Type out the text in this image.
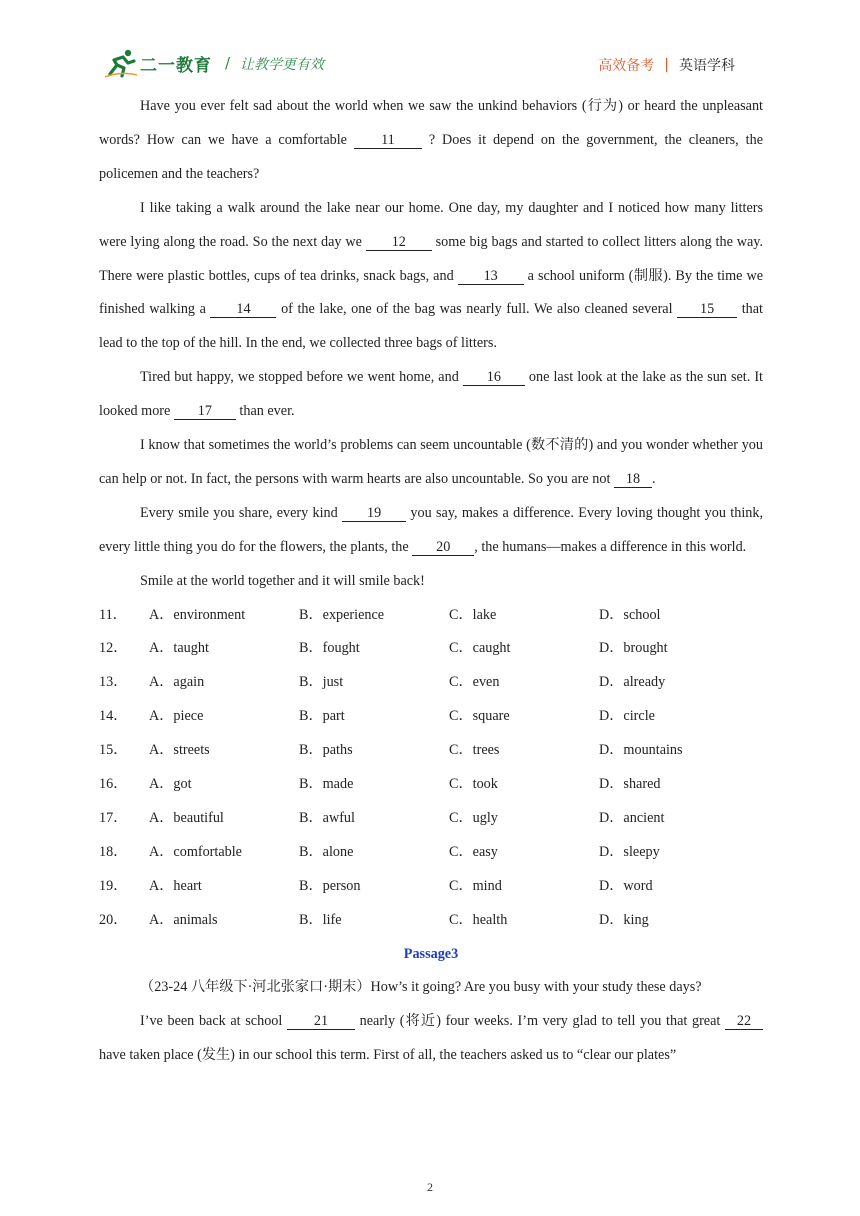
二一教育 / 让教学更有效	高效备考 | 英语学科

Have you ever felt sad about the world when we saw the unkind behaviors (行为) or heard the unpleasant words? How can we have a comfortable 11 ? Does it depend on the government, the cleaners, the policemen and the teachers?

I like taking a walk around the lake near our home. One day, my daughter and I noticed how many litters were lying along the road. So the next day we 12 some big bags and started to collect litters along the way. There were plastic bottles, cups of tea drinks, snack bags, and 13 a school uniform (制服). By the time we finished walking a 14 of the lake, one of the bag was nearly full. We also cleaned several 15 that lead to the top of the hill. In the end, we collected three bags of litters.

Tired but happy, we stopped before we went home, and 16 one last look at the lake as the sun set. It looked more 17 than ever.

I know that sometimes the world’s problems can seem uncountable (数不清的) and you wonder whether you can help or not. In fact, the persons with warm hearts are also uncountable. So you are not 18 .

Every smile you share, every kind 19 you say, makes a difference. Every loving thought you think, every little thing you do for the flowers, the plants, the 20 , the humans—makes a difference in this world.

Smile at the world together and it will smile back!

11．	A．environment	B．experience	C．lake	D．school
12．	A．taught	B．fought	C．caught	D．brought
13．	A．again	B．just	C．even	D．already
14．	A．piece	B．part	C．square	D．circle
15．	A．streets	B．paths	C．trees	D．mountains
16．	A．got	B．made	C．took	D．shared
17．	A．beautiful	B．awful	C．ugly	D．ancient
18．	A．comfortable	B．alone	C．easy	D．sleepy
19．	A．heart	B．person	C．mind	D．word
20．	A．animals	B．life	C．health	D．king
Passage3

（23-24 八年级下·河北张家口·期末）How’s it going? Are you busy with your study these days?

I’ve been back at school 21 nearly (将近) four weeks. I’m very glad to tell you that great 22 have taken place (发生) in our school this term. First of all, the teachers asked us to “clear our plates”

2
